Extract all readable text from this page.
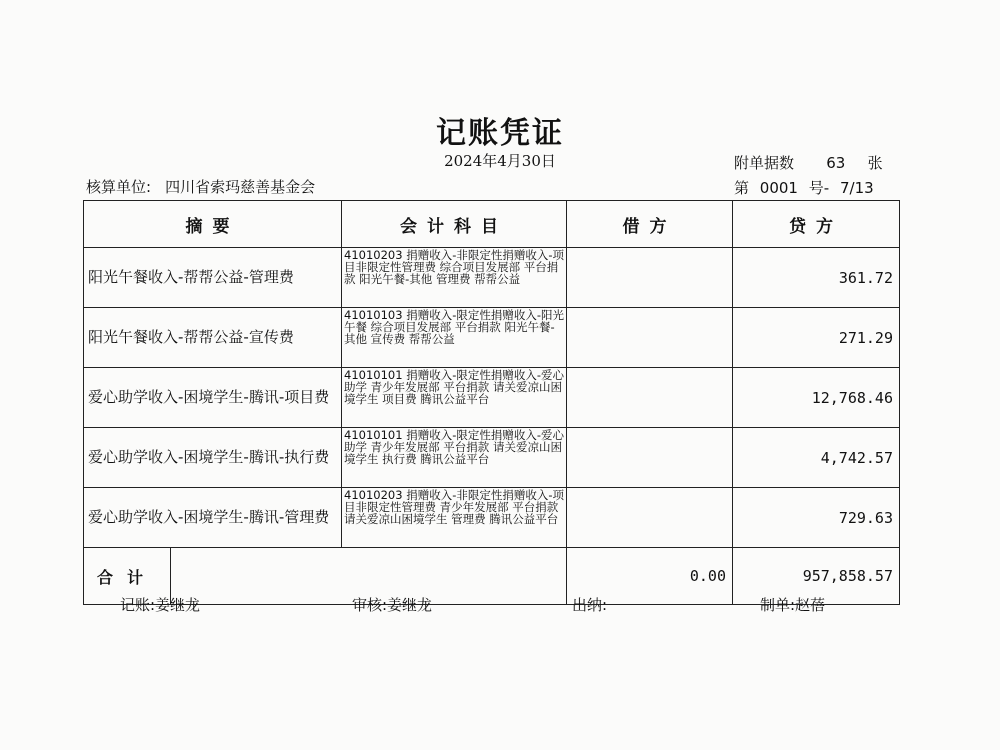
记账凭证
2024年4月30日
核算单位: 四川省索玛慈善基金会
附单据数 63 张
第 0001 号- 7/13
摘要	会计科目	借方	贷方
阳光午餐收入-帮帮公益-管理费	41010203 捐赠收入-非限定性捐赠收入-项目非限定性管理费 综合项目发展部 平台捐款 阳光午餐-其他 管理费 帮帮公益		361.72
阳光午餐收入-帮帮公益-宣传费	41010103 捐赠收入-限定性捐赠收入-阳光午餐 综合项目发展部 平台捐款 阳光午餐-其他 宣传费 帮帮公益		271.29
爱心助学收入-困境学生-腾讯-项目费	41010101 捐赠收入-限定性捐赠收入-爱心助学 青少年发展部 平台捐款 请关爱凉山困境学生 项目费 腾讯公益平台		12,768.46
爱心助学收入-困境学生-腾讯-执行费	41010101 捐赠收入-限定性捐赠收入-爱心助学 青少年发展部 平台捐款 请关爱凉山困境学生 执行费 腾讯公益平台		4,742.57
爱心助学收入-困境学生-腾讯-管理费	41010203 捐赠收入-非限定性捐赠收入-项目非限定性管理费 青少年发展部 平台捐款 请关爱凉山困境学生 管理费 腾讯公益平台		729.63

合计		0.00	957,858.57
记账:姜继龙	审核:姜继龙	出纳:	制单:赵蓓
